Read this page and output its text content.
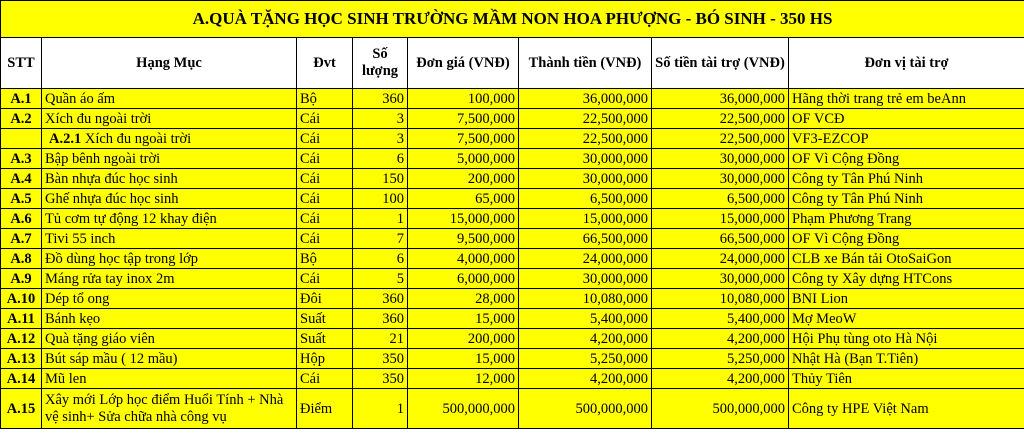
A.QUÀ TẶNG HỌC SINH TRƯỜNG MẦM NON HOA PHƯỢNG - BÓ SINH - 350 HS							
STT	Hạng Mục	Đvt	Số lượng	Đơn giá (VNĐ)	Thành tiền (VNĐ)	Số tiền tài trợ (VNĐ)	Đơn vị tài trợ
A.1	Quần áo ấm	Bộ	360	100,000	36,000,000	36,000,000	Hãng thời trang trẻ em beAnn
A.2	Xích đu ngoài trời	Cái	3	7,500,000	22,500,000	22,500,000	OF VCĐ
	A.2.1 Xích đu ngoài trời	Cái	3	7,500,000	22,500,000	22,500,000	VF3-EZCOP
A.3	Bập bênh ngoài trời	Cái	6	5,000,000	30,000,000	30,000,000	OF Vì Cộng Đồng
A.4	Bàn nhựa đúc học sinh	Cái	150	200,000	30,000,000	30,000,000	Công ty Tân Phú Ninh
A.5	Ghế nhựa đúc học sinh	Cái	100	65,000	6,500,000	6,500,000	Công ty Tân Phú Ninh
A.6	Tủ cơm tự động 12 khay điện	Cái	1	15,000,000	15,000,000	15,000,000	Phạm Phương Trang
A.7	Tivi 55 inch	Cái	7	9,500,000	66,500,000	66,500,000	OF Vì Cộng Đồng
A.8	Đồ dùng học tập trong lớp	Bộ	6	4,000,000	24,000,000	24,000,000	CLB xe Bán tải OtoSaiGon
A.9	Máng rửa tay inox 2m	Cái	5	6,000,000	30,000,000	30,000,000	Công ty Xây dựng HTCons
A.10	Dép tổ ong	Đôi	360	28,000	10,080,000	10,080,000	BNI Lion
A.11	Bánh kẹo	Suất	360	15,000	5,400,000	5,400,000	Mợ MeoW
A.12	Quà tặng giáo viên	Suất	21	200,000	4,200,000	4,200,000	Hội Phụ tùng oto Hà Nội
A.13	Bút sáp mầu ( 12 mầu)	Hộp	350	15,000	5,250,000	5,250,000	Nhật Hà (Bạn T.Tiên)
A.14	Mũ len	Cái	350	12,000	4,200,000	4,200,000	Thủy Tiên
A.15	Xây mới Lớp học điểm Huổi Tính + Nhà vệ sinh+ Sửa chữa nhà công vụ	Điểm	1	500,000,000	500,000,000	500,000,000	Công ty HPE Việt Nam
